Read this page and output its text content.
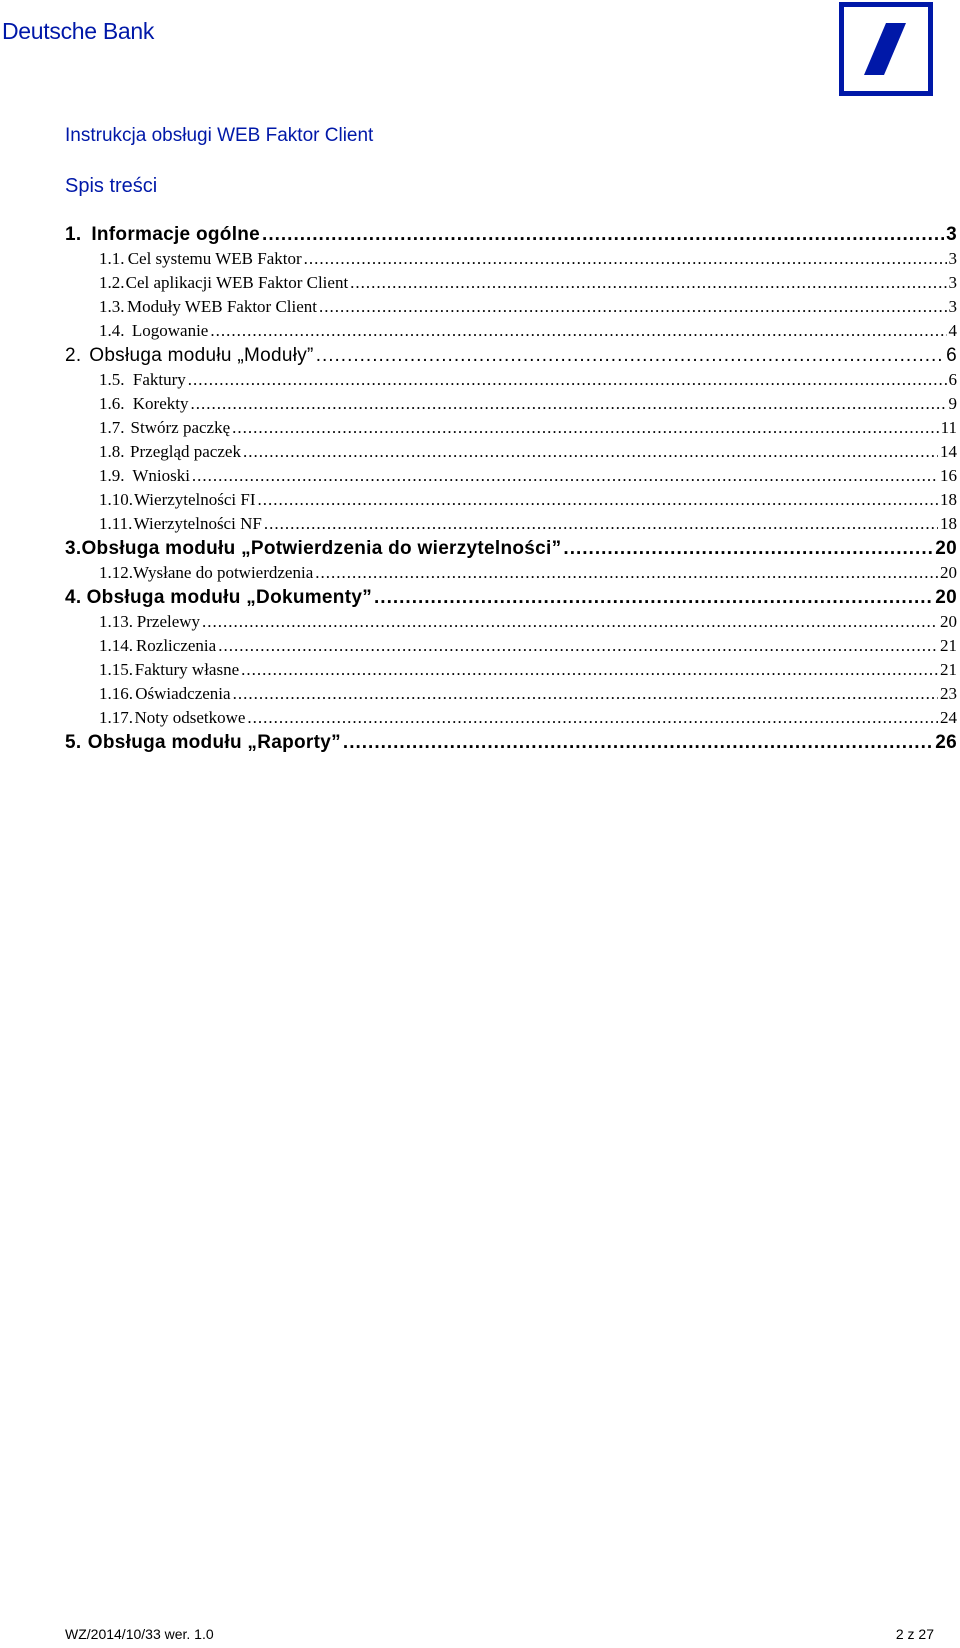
Deutsche Bank
Instrukcja obsługi WEB Faktor Client
Spis treści
1. Informacje ogólne .....	3
1.1. Cel systemu WEB Faktor .....	3
1.2. Cel aplikacji WEB Faktor Client .....	3
1.3. Moduły WEB Faktor Client .....	3
1.4. Logowanie .....	4
2. Obsługa modułu „Moduły” .....	6
1.5. Faktury .....	6
1.6. Korekty .....	9
1.7. Stwórz paczkę .....	11
1.8. Przegląd paczek .....	14
1.9. Wnioski .....	16
1.10. Wierzytelności FI .....	18
1.11. Wierzytelności NF .....	18
3. Obsługa modułu „Potwierdzenia do wierzytelności” .....	20
1.12. Wysłane do potwierdzenia .....	20
4. Obsługa modułu „Dokumenty” .....	20
1.13. Przelewy .....	20
1.14. Rozliczenia .....	21
1.15. Faktury własne .....	21
1.16. Oświadczenia .....	23
1.17. Noty odsetkowe .....	24
5. Obsługa modułu „Raporty” .....	26
WZ/2014/10/33 wer. 1.0	2 z 27
